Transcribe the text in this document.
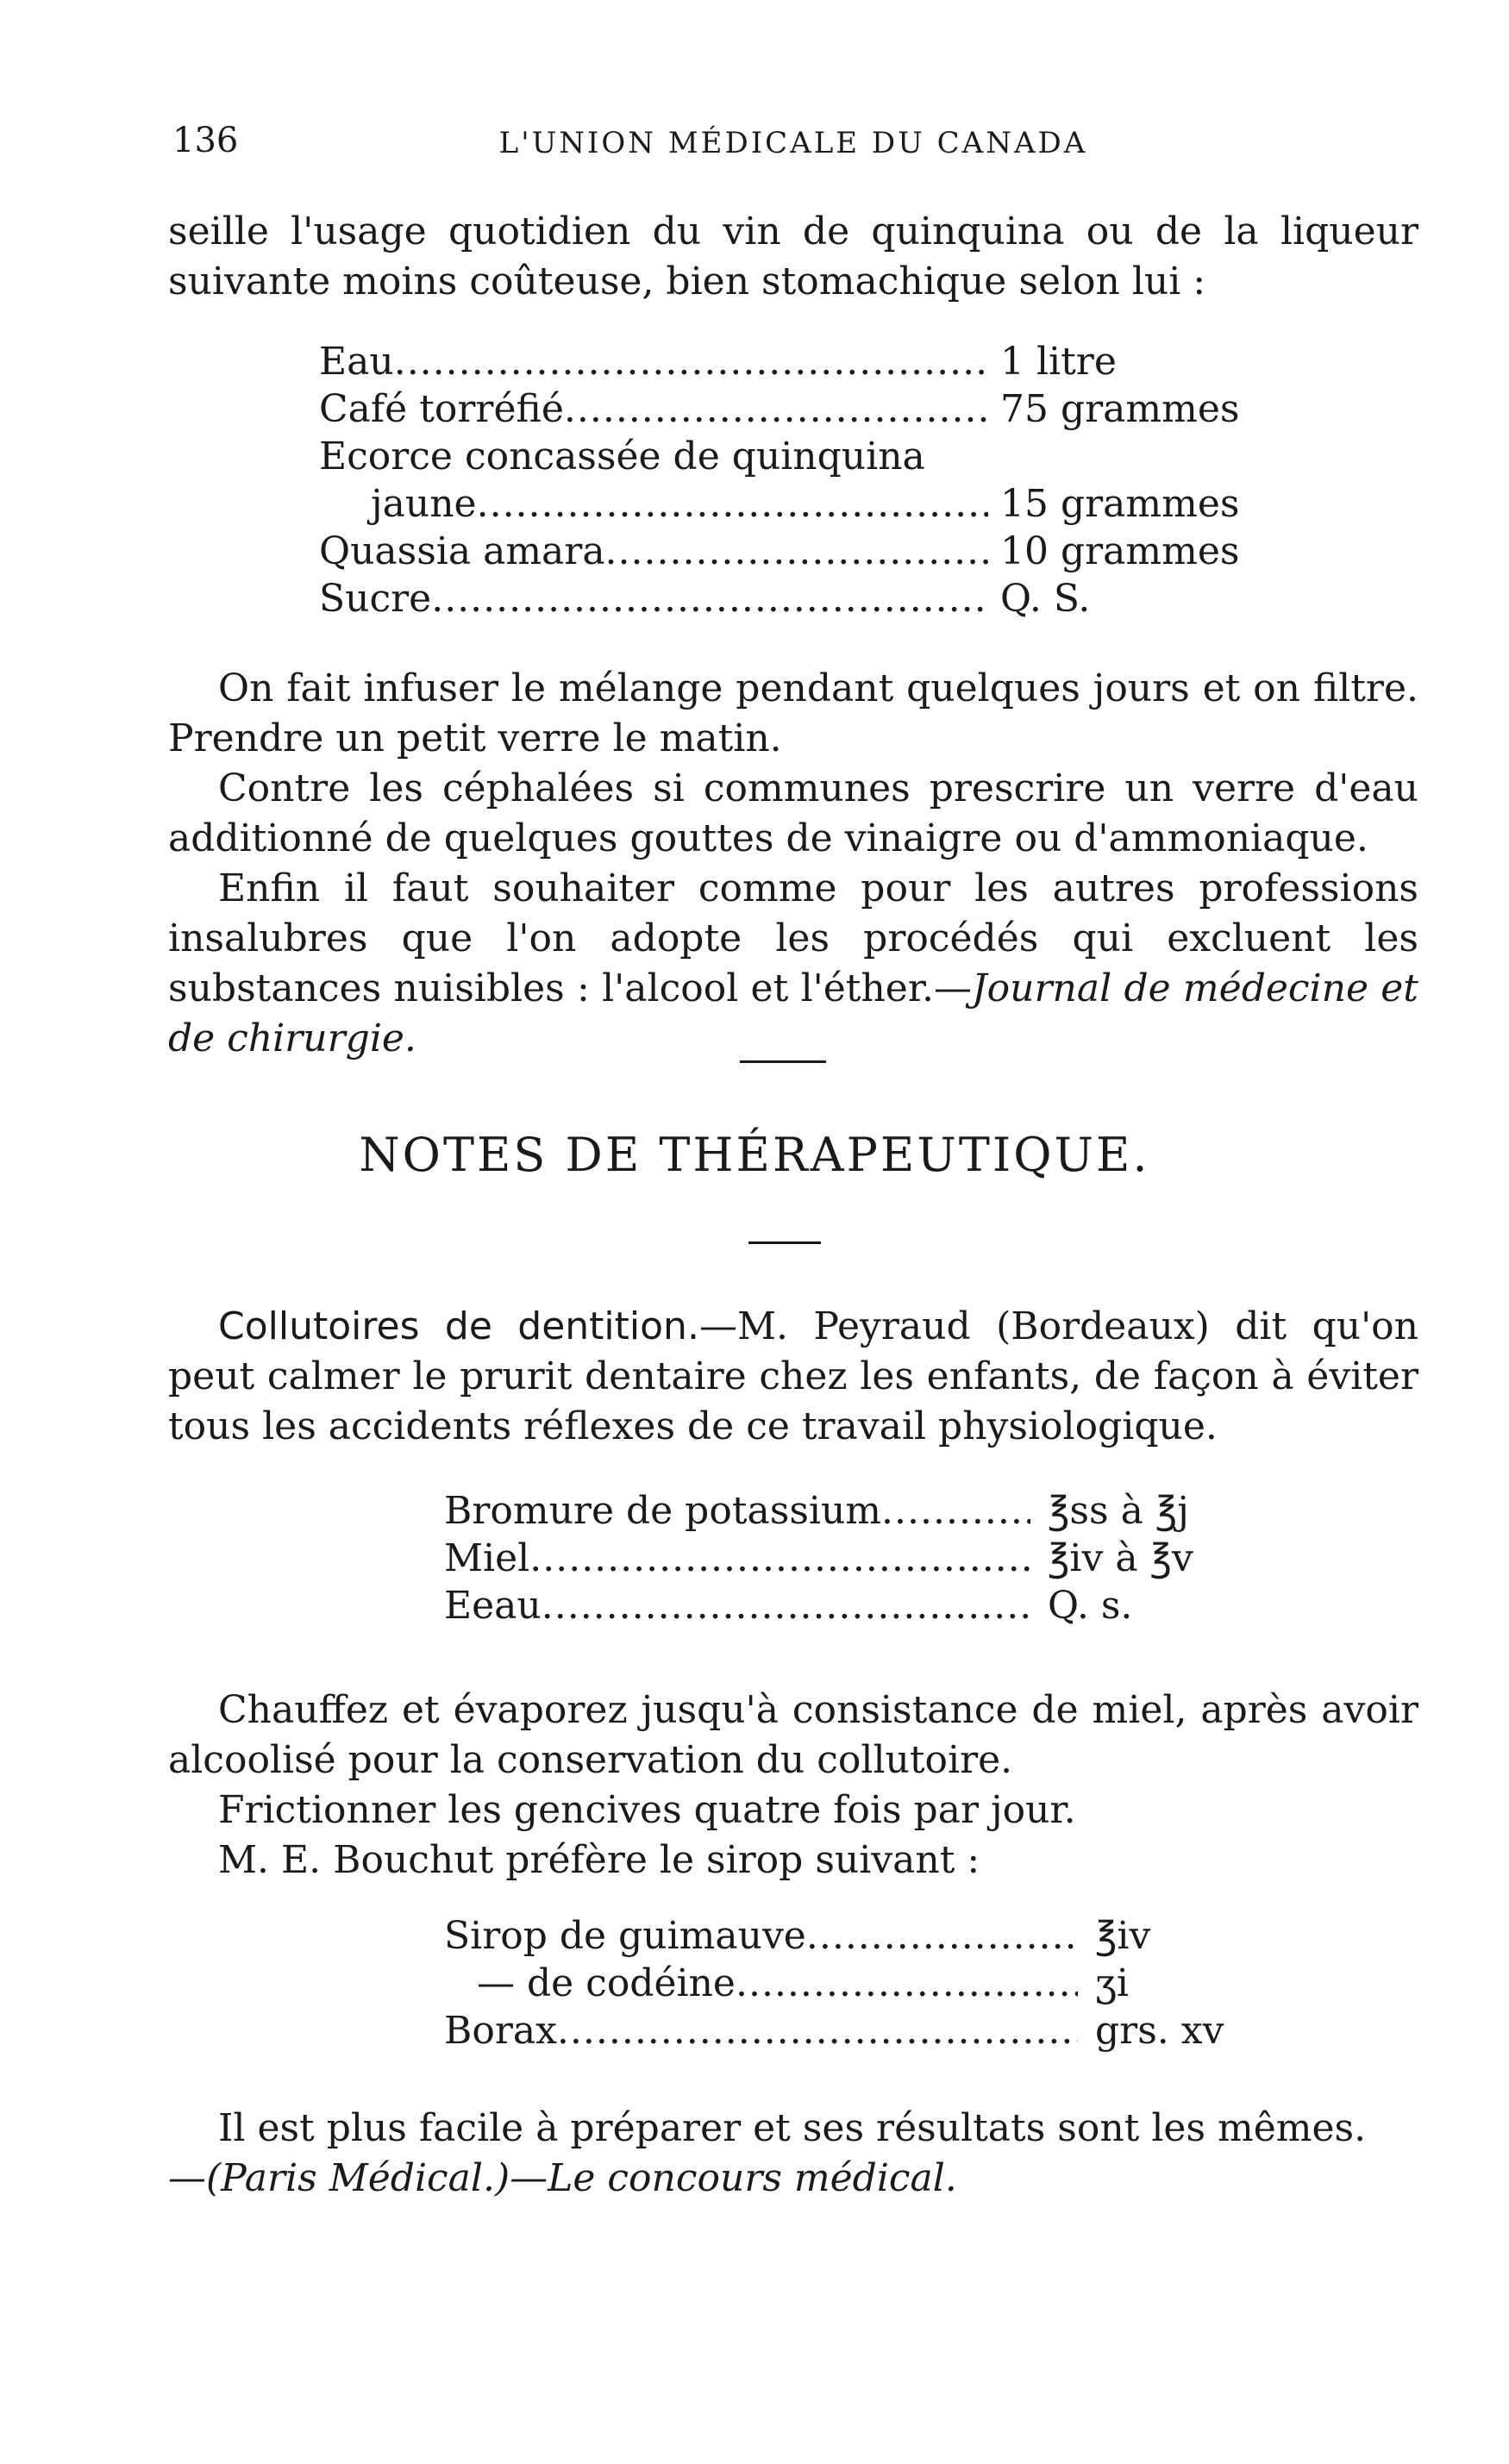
136	L'UNION MÉDICALE DU CANADA

seille l'usage quotidien du vin de quinquina ou de la liqueur suivante moins coûteuse, bien stomachique selon lui :

Eau .....	1 litre
Café torréfié .....	75 grammes
Ecorce concassée de quinquina
jaune .....	15 grammes
Quassia amara .....	10 grammes
Sucre .....	Q. S.

On fait infuser le mélange pendant quelques jours et on filtre. Prendre un petit verre le matin.

Contre les céphalées si communes prescrire un verre d'eau additionné de quelques gouttes de vinaigre ou d'ammoniaque.

Enfin il faut souhaiter comme pour les autres professions insalubres que l'on adopte les procédés qui excluent les substances nuisibles : l'alcool et l'éther.—Journal de médecine et de chirurgie.

NOTES DE THÉRAPEUTIQUE.

Collutoires de dentition.—M. Peyraud (Bordeaux) dit qu'on peut calmer le prurit dentaire chez les enfants, de façon à éviter tous les accidents réflexes de ce travail physiologique.

Bromure de potassium .....	℥ss à ℥j
Miel .....	℥iv à ℥v
Eeau .....	Q. s.

Chauffez et évaporez jusqu'à consistance de miel, après avoir alcoolisé pour la conservation du collutoire.

Frictionner les gencives quatre fois par jour.

M. E. Bouchut préfère le sirop suivant :

Sirop de guimauve .....	℥iv
— de codéine .....	ʒi
Borax .....	grs. xv

Il est plus facile à préparer et ses résultats sont les mêmes.

—(Paris Médical.)—Le concours médical.
